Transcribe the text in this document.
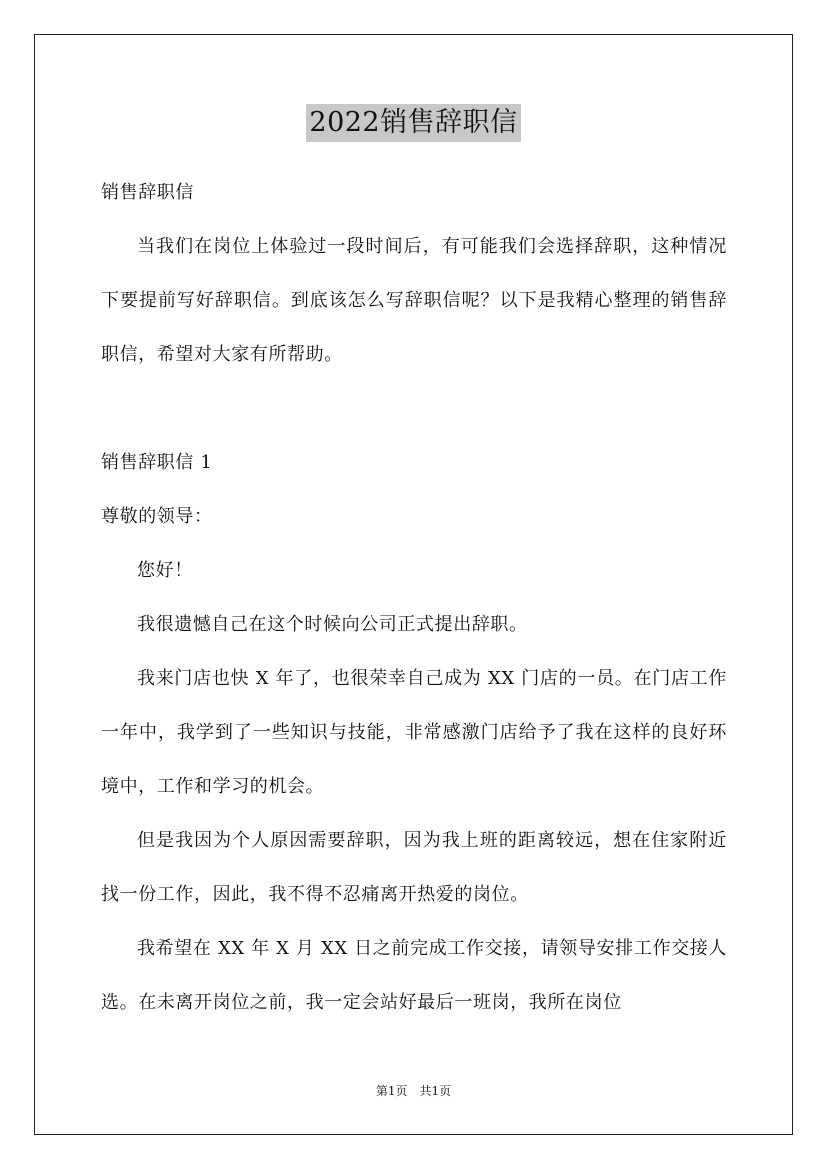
2022销售辞职信

销售辞职信

当我们在岗位上体验过一段时间后，有可能我们会选择辞职，这种情况下要提前写好辞职信。到底该怎么写辞职信呢？以下是我精心整理的销售辞职信，希望对大家有所帮助。

销售辞职信 1

尊敬的领导：

您好！

我很遗憾自己在这个时候向公司正式提出辞职。

我来门店也快 X 年了，也很荣幸自己成为 XX 门店的一员。在门店工作一年中，我学到了一些知识与技能，非常感激门店给予了我在这样的良好环境中，工作和学习的机会。

但是我因为个人原因需要辞职，因为我上班的距离较远，想在住家附近找一份工作，因此，我不得不忍痛离开热爱的岗位。

我希望在 XX 年 X 月 XX 日之前完成工作交接，请领导安排工作交接人选。在未离开岗位之前，我一定会站好最后一班岗，我所在岗位

第1页 共1页
